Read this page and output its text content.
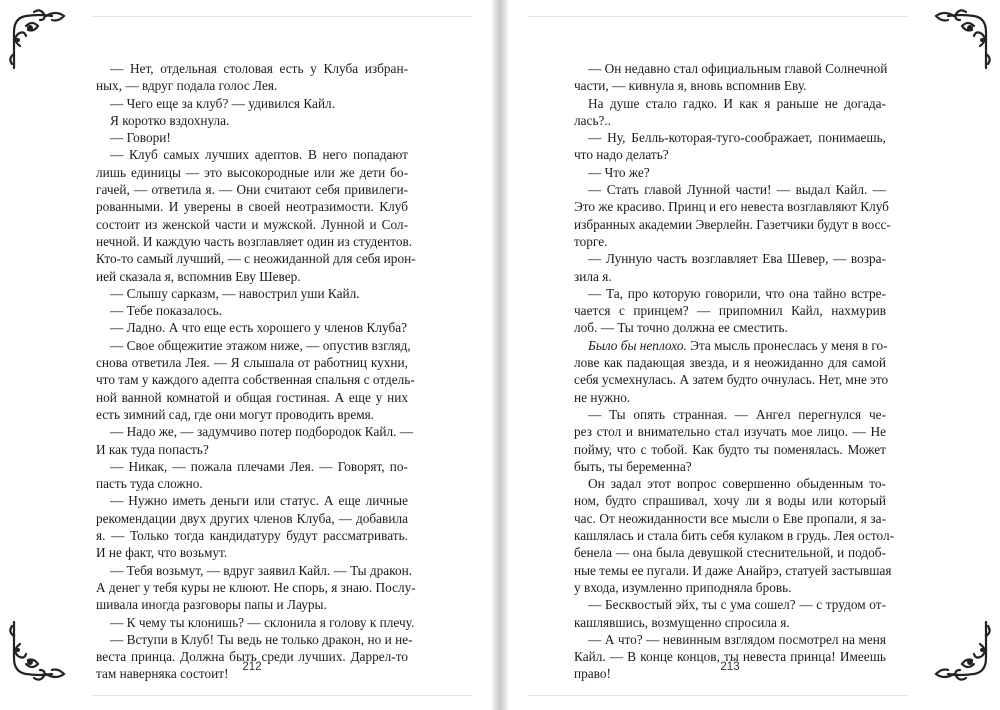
— Нет, отдельная столовая есть у Клуба избран-
ных, — вдруг подала голос Лея.
— Чего еще за клуб? — удивился Кайл.
Я коротко вздохнула.
— Говори!
— Клуб самых лучших адептов. В него попадают
лишь единицы — это высокородные или же дети бо-
гачей, — ответила я. — Они считают себя привилеги-
рованными. И уверены в своей неотразимости. Клуб
состоит из женской части и мужской. Лунной и Сол-
нечной. И каждую часть возглавляет один из студентов.
Кто-то самый лучший, — с неожиданной для себя ирон-
ией сказала я, вспомнив Еву Шевер.
— Слышу сарказм, — навострил уши Кайл.
— Тебе показалось.
— Ладно. А что еще есть хорошего у членов Клуба?
— Свое общежитие этажом ниже, — опустив взгляд,
снова ответила Лея. — Я слышала от работниц кухни,
что там у каждого адепта собственная спальня с отдель-
ной ванной комнатой и общая гостиная. А еще у них
есть зимний сад, где они могут проводить время.
— Надо же, — задумчиво потер подбородок Кайл. —
И как туда попасть?
— Никак, — пожала плечами Лея. — Говорят, по-
пасть туда сложно.
— Нужно иметь деньги или статус. А еще личные
рекомендации двух других членов Клуба, — добавила
я. — Только тогда кандидатуру будут рассматривать.
И не факт, что возьмут.
— Тебя возьмут, — вдруг заявил Кайл. — Ты дракон.
А денег у тебя куры не клюют. Не спорь, я знаю. Послу-
шивала иногда разговоры папы и Лауры.
— К чему ты клонишь? — склонила я голову к плечу.
— Вступи в Клуб! Ты ведь не только дракон, но и не-
веста принца. Должна быть среди лучших. Даррел-то
там наверняка состоит!	212
— Он недавно стал официальным главой Солнечной
части, — кивнула я, вновь вспомнив Еву.
На душе стало гадко. И как я раньше не догада-
лась?..
— Ну, Белль-которая-туго-соображает, понимаешь,
что надо делать?
— Что же?
— Стать главой Лунной части! — выдал Кайл. —
Это же красиво. Принц и его невеста возглавляют Клуб
избранных академии Эверлейн. Газетчики будут в восс-
торге.
— Лунную часть возглавляет Ева Шевер, — возра-
зила я.
— Та, про которую говорили, что она тайно встре-
чается с принцем? — припомнил Кайл, нахмурив
лоб. — Ты точно должна ее сместить.
Было бы неплохо. Эта мысль пронеслась у меня в го-
лове как падающая звезда, и я неожиданно для самой
себя усмехнулась. А затем будто очнулась. Нет, мне это
не нужно.
— Ты опять странная. — Ангел перегнулся че-
рез стол и внимательно стал изучать мое лицо. — Не
пойму, что с тобой. Как будто ты поменялась. Может
быть, ты беременна?
Он задал этот вопрос совершенно обыденным то-
ном, будто спрашивал, хочу ли я воды или который
час. От неожиданности все мысли о Еве пропали, я за-
кашлялась и стала бить себя кулаком в грудь. Лея остол-
бенела — она была девушкой стеснительной, и подоб-
ные темы ее пугали. И даже Анайрэ, статуей застывшая
у входа, изумленно приподняла бровь.
— Бесквостый эйх, ты с ума сошел? — с трудом от-
кашлявшись, возмущенно спросила я.
— А что? — невинным взглядом посмотрел на меня
Кайл. — В конце концов, ты невеста принца! Имеешь
право!	213
